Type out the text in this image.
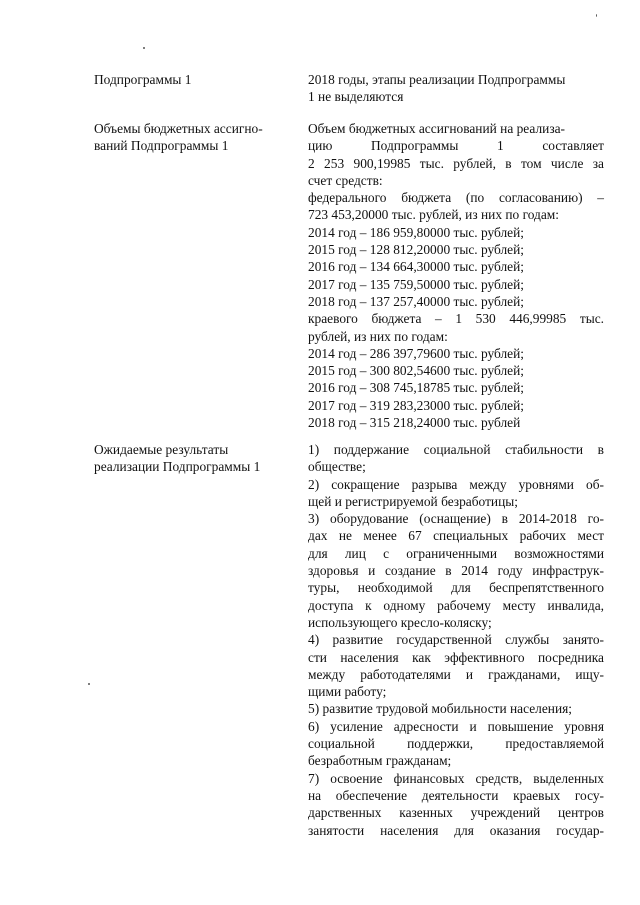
Подпрограммы 1	2018 годы, этапы реализации Подпрограммы
1 не выделяются
Объемы бюджетных ассигно-
ваний Подпрограммы 1
Объем бюджетных ассигнований на реализа-
цию Подпрограммы 1 составляет
2 253 900,19985 тыс. рублей, в том числе за
счет средств:
федерального бюджета (по согласованию) –
723 453,20000 тыс. рублей, из них по годам:
2014 год – 186 959,80000 тыс. рублей;
2015 год – 128 812,20000 тыс. рублей;
2016 год – 134 664,30000 тыс. рублей;
2017 год – 135 759,50000 тыс. рублей;
2018 год – 137 257,40000 тыс. рублей;
краевого бюджета – 1 530 446,99985 тыс.
рублей, из них по годам:
2014 год – 286 397,79600 тыс. рублей;
2015 год – 300 802,54600 тыс. рублей;
2016 год – 308 745,18785 тыс. рублей;
2017 год – 319 283,23000 тыс. рублей;
2018 год – 315 218,24000 тыс. рублей
Ожидаемые результаты
реализации Подпрограммы 1
1) поддержание социальной стабильности в
обществе;
2) сокращение разрыва между уровнями об-
щей и регистрируемой безработицы;
3) оборудование (оснащение) в 2014-2018 го-
дах не менее 67 специальных рабочих мест
для лиц с ограниченными возможностями
здоровья и создание в 2014 году инфраструк-
туры, необходимой для беспрепятственного
доступа к одному рабочему месту инвалида,
использующего кресло-коляску;
4) развитие государственной службы занято-
сти населения как эффективного посредника
между работодателями и гражданами, ищу-
щими работу;
5) развитие трудовой мобильности населения;
6) усиление адресности и повышение уровня
социальной поддержки, предоставляемой
безработным гражданам;
7) освоение финансовых средств, выделенных
на обеспечение деятельности краевых госу-
дарственных казенных учреждений центров
занятости населения для оказания государ-
